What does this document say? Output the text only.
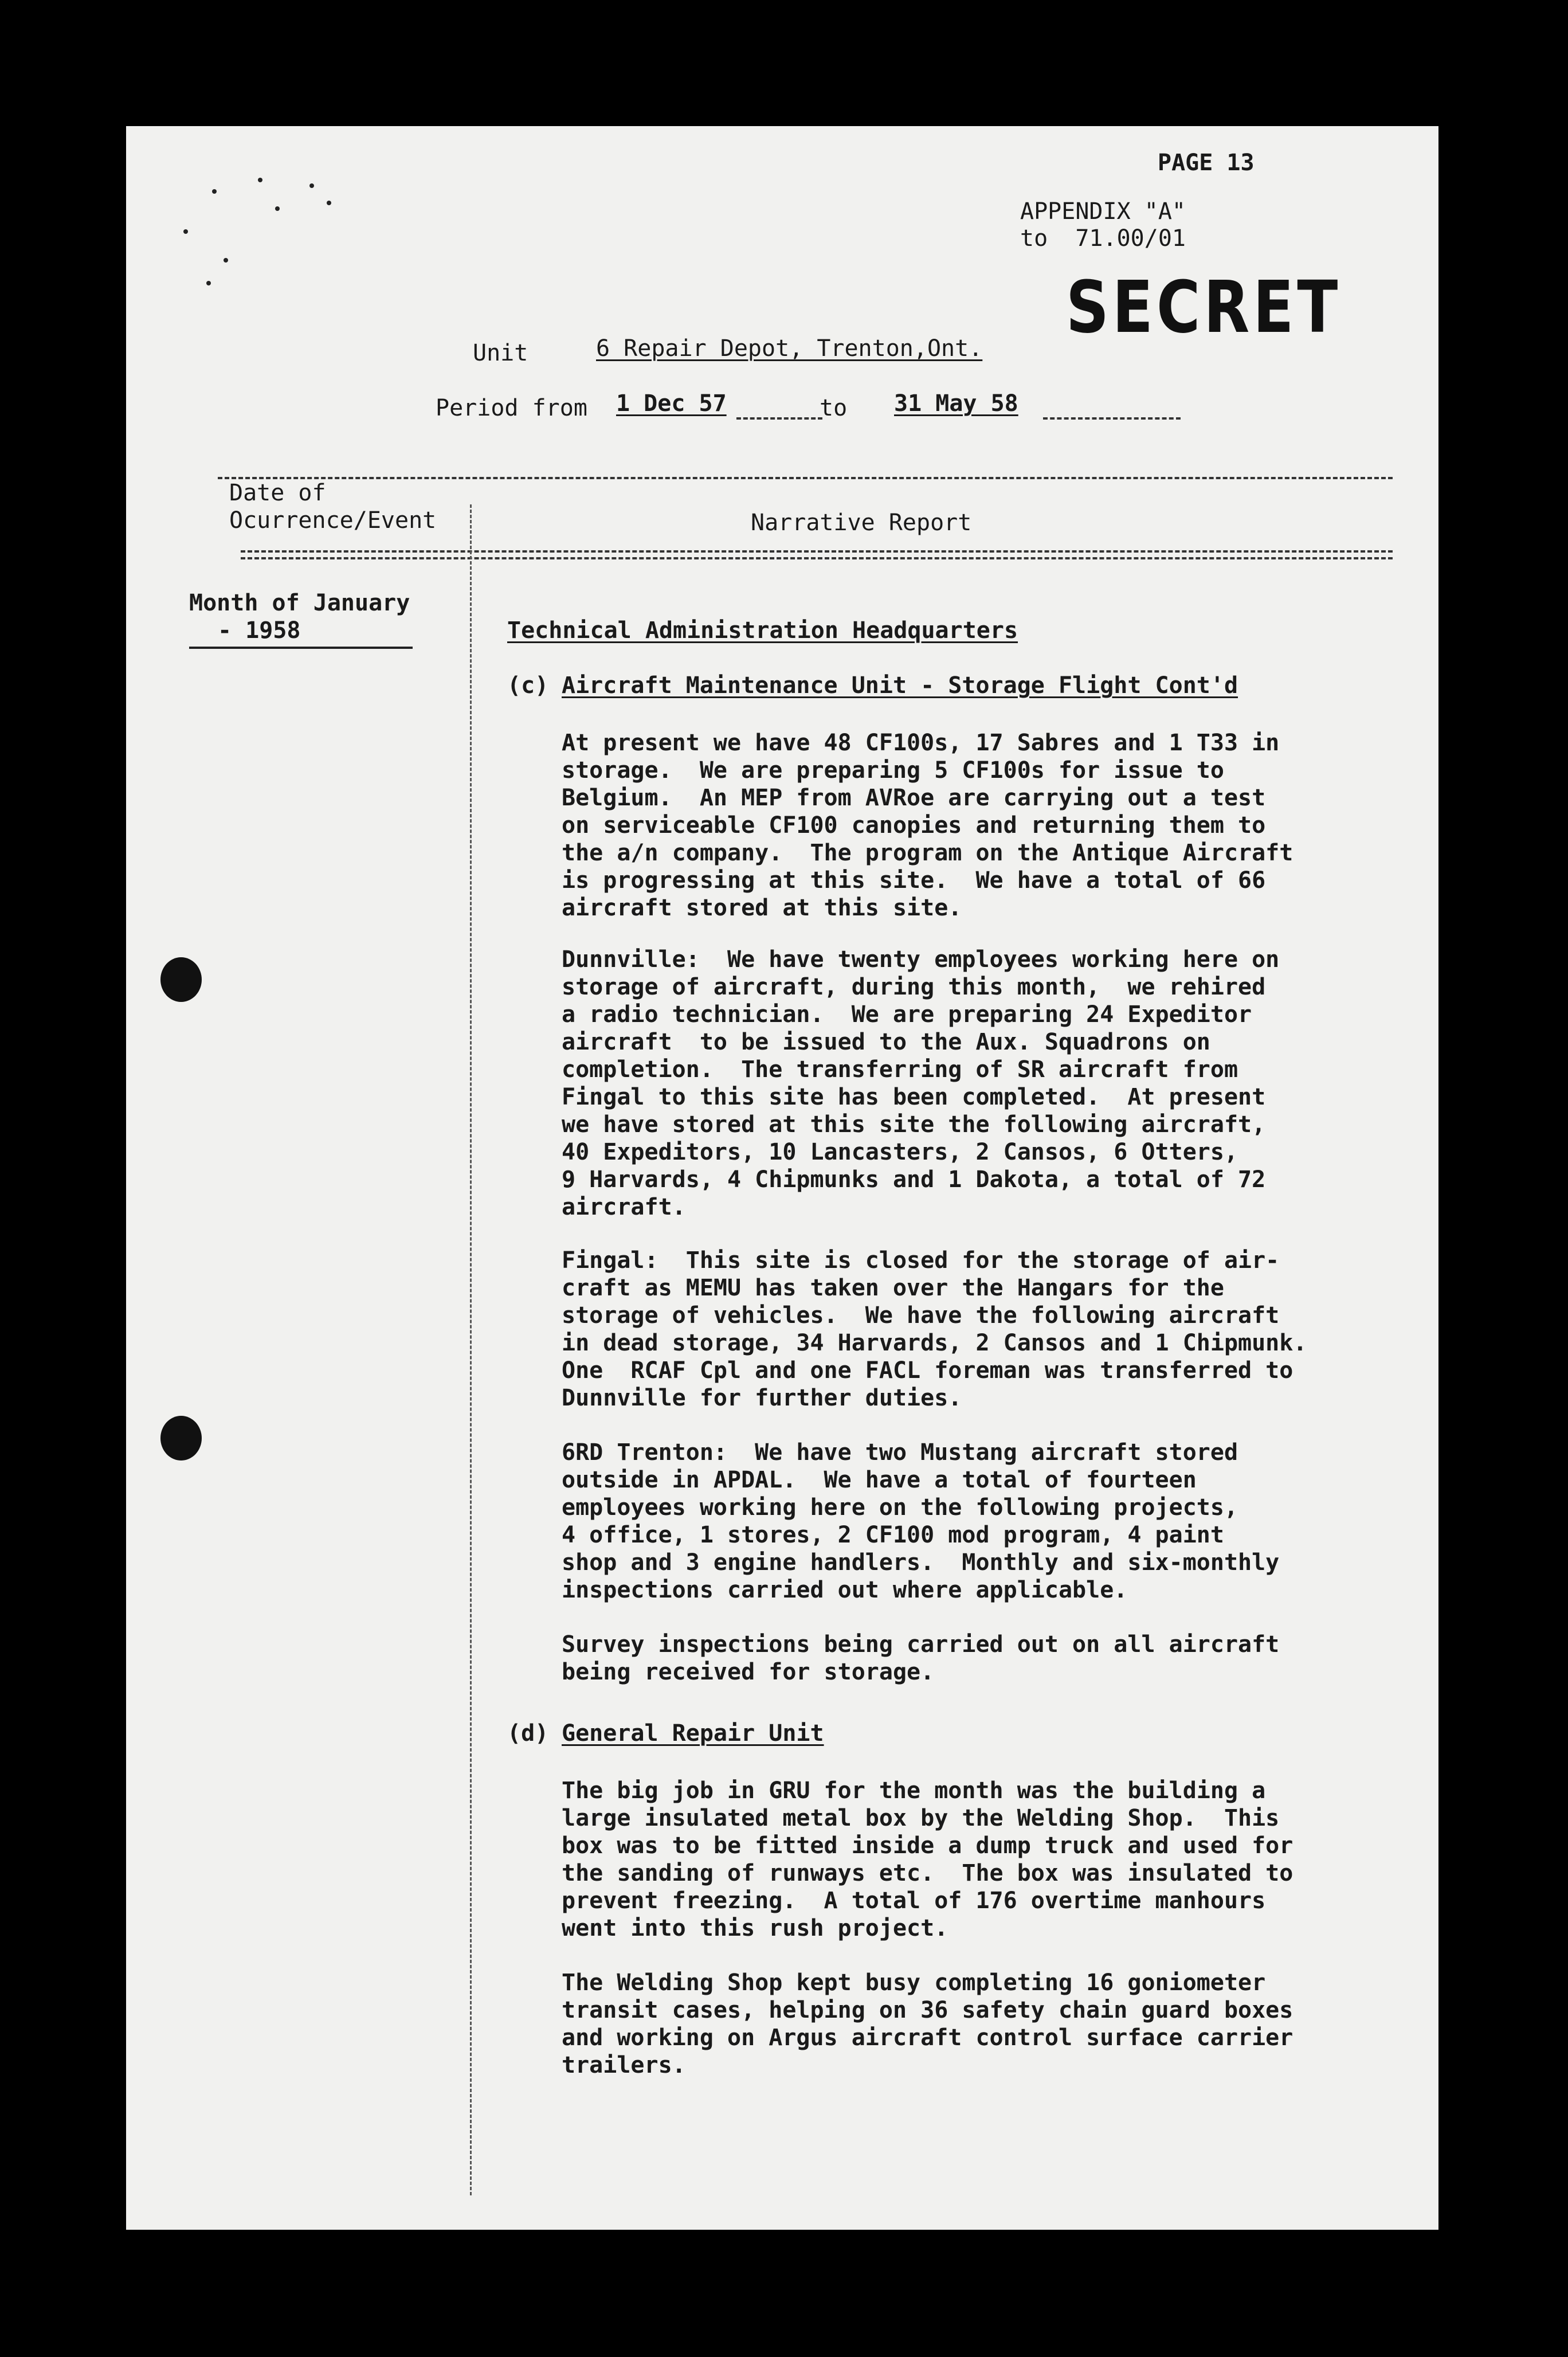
PAGE 13
APPENDIX "A"
to  71.00/01
SECRET
Unit	6 Repair Depot, Trenton,Ont.
Period from 1 Dec 57	to 31 May 58
Date of
Ocurrence/Event	Narrative Report
Month of January
- 1958	Technical Administration Headquarters
(c) Aircraft Maintenance Unit - Storage Flight Cont'd
At present we have 48 CF100s, 17 Sabres and 1 T33 in
storage.  We are preparing 5 CF100s for issue to
Belgium.  An MEP from AVRoe are carrying out a test
on serviceable CF100 canopies and returning them to
the a/n company.  The program on the Antique Aircraft
is progressing at this site.  We have a total of 66
aircraft stored at this site.
Dunnville:  We have twenty employees working here on
storage of aircraft, during this month,  we rehired
a radio technician.  We are preparing 24 Expeditor
aircraft  to be issued to the Aux. Squadrons on
completion.  The transferring of SR aircraft from
Fingal to this site has been completed.  At present
we have stored at this site the following aircraft,
40 Expeditors, 10 Lancasters, 2 Cansos, 6 Otters,
9 Harvards, 4 Chipmunks and 1 Dakota, a total of 72
aircraft.
Fingal:  This site is closed for the storage of air-
craft as MEMU has taken over the Hangars for the
storage of vehicles.  We have the following aircraft
in dead storage, 34 Harvards, 2 Cansos and 1 Chipmunk.
One  RCAF Cpl and one FACL foreman was transferred to
Dunnville for further duties.
6RD Trenton:  We have two Mustang aircraft stored
outside in APDAL.  We have a total of fourteen
employees working here on the following projects,
4 office, 1 stores, 2 CF100 mod program, 4 paint
shop and 3 engine handlers.  Monthly and six-monthly
inspections carried out where applicable.
Survey inspections being carried out on all aircraft
being received for storage.
(d) General Repair Unit
The big job in GRU for the month was the building a
large insulated metal box by the Welding Shop.  This
box was to be fitted inside a dump truck and used for
the sanding of runways etc.  The box was insulated to
prevent freezing.  A total of 176 overtime manhours
went into this rush project.
The Welding Shop kept busy completing 16 goniometer
transit cases, helping on 36 safety chain guard boxes
and working on Argus aircraft control surface carrier
trailers.
